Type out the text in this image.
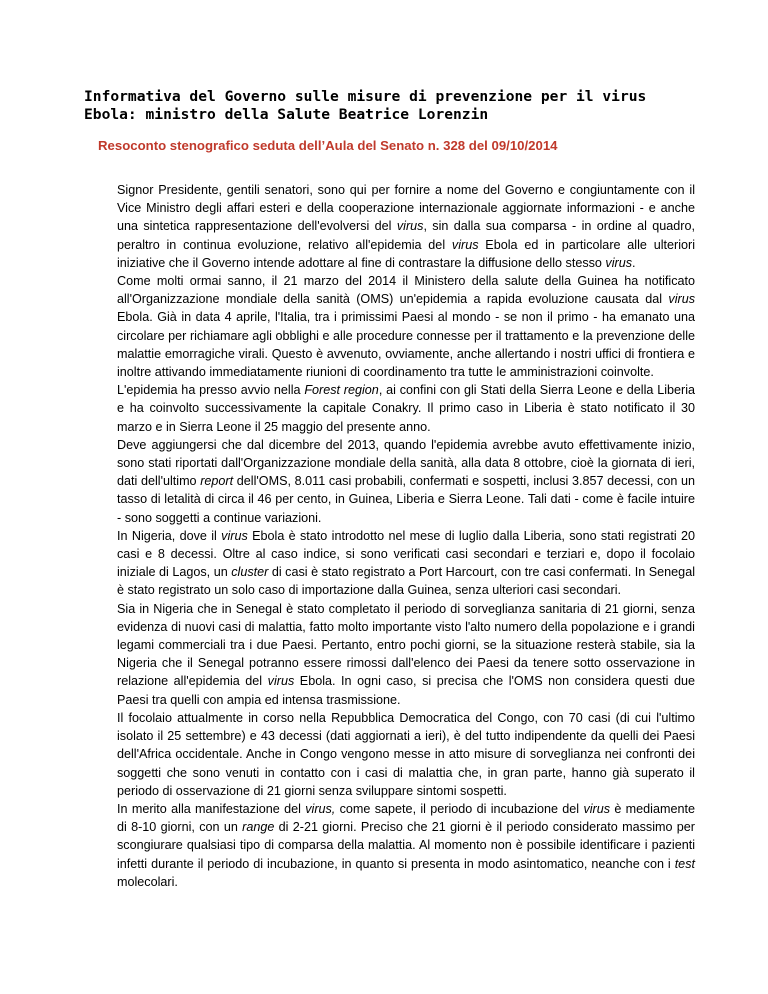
Informativa del Governo sulle misure di prevenzione per il virus Ebola: ministro della Salute Beatrice Lorenzin
Resoconto stenografico seduta dell’Aula del Senato n. 328 del 09/10/2014

Signor Presidente, gentili senatori, sono qui per fornire a nome del Governo e congiuntamente con il Vice Ministro degli affari esteri e della cooperazione internazionale aggiornate informazioni - e anche una sintetica rappresentazione dell'evolversi del virus, sin dalla sua comparsa - in ordine al quadro, peraltro in continua evoluzione, relativo all'epidemia del virus Ebola ed in particolare alle ulteriori iniziative che il Governo intende adottare al fine di contrastare la diffusione dello stesso virus.

Come molti ormai sanno, il 21 marzo del 2014 il Ministero della salute della Guinea ha notificato all'Organizzazione mondiale della sanità (OMS) un'epidemia a rapida evoluzione causata dal virus Ebola. Già in data 4 aprile, l'Italia, tra i primissimi Paesi al mondo - se non il primo - ha emanato una circolare per richiamare agli obblighi e alle procedure connesse per il trattamento e la prevenzione delle malattie emorragiche virali. Questo è avvenuto, ovviamente, anche allertando i nostri uffici di frontiera e inoltre attivando immediatamente riunioni di coordinamento tra tutte le amministrazioni coinvolte.

L'epidemia ha presso avvio nella Forest region, ai confini con gli Stati della Sierra Leone e della Liberia e ha coinvolto successivamente la capitale Conakry. Il primo caso in Liberia è stato notificato il 30 marzo e in Sierra Leone il 25 maggio del presente anno.

Deve aggiungersi che dal dicembre del 2013, quando l'epidemia avrebbe avuto effettivamente inizio, sono stati riportati dall'Organizzazione mondiale della sanità, alla data 8 ottobre, cioè la giornata di ieri, dati dell'ultimo report dell'OMS, 8.011 casi probabili, confermati e sospetti, inclusi 3.857 decessi, con un tasso di letalità di circa il 46 per cento, in Guinea, Liberia e Sierra Leone. Tali dati - come è facile intuire - sono soggetti a continue variazioni.

In Nigeria, dove il virus Ebola è stato introdotto nel mese di luglio dalla Liberia, sono stati registrati 20 casi e 8 decessi. Oltre al caso indice, si sono verificati casi secondari e terziari e, dopo il focolaio iniziale di Lagos, un cluster di casi è stato registrato a Port Harcourt, con tre casi confermati. In Senegal è stato registrato un solo caso di importazione dalla Guinea, senza ulteriori casi secondari.

Sia in Nigeria che in Senegal è stato completato il periodo di sorveglianza sanitaria di 21 giorni, senza evidenza di nuovi casi di malattia, fatto molto importante visto l'alto numero della popolazione e i grandi legami commerciali tra i due Paesi. Pertanto, entro pochi giorni, se la situazione resterà stabile, sia la Nigeria che il Senegal potranno essere rimossi dall'elenco dei Paesi da tenere sotto osservazione in relazione all'epidemia del virus Ebola. In ogni caso, si precisa che l'OMS non considera questi due Paesi tra quelli con ampia ed intensa trasmissione.

Il focolaio attualmente in corso nella Repubblica Democratica del Congo, con 70 casi (di cui l'ultimo isolato il 25 settembre) e 43 decessi (dati aggiornati a ieri), è del tutto indipendente da quelli dei Paesi dell'Africa occidentale. Anche in Congo vengono messe in atto misure di sorveglianza nei confronti dei soggetti che sono venuti in contatto con i casi di malattia che, in gran parte, hanno già superato il periodo di osservazione di 21 giorni senza sviluppare sintomi sospetti.

In merito alla manifestazione del virus, come sapete, il periodo di incubazione del virus è mediamente di 8-10 giorni, con un range di 2-21 giorni. Preciso che 21 giorni è il periodo considerato massimo per scongiurare qualsiasi tipo di comparsa della malattia. Al momento non è possibile identificare i pazienti infetti durante il periodo di incubazione, in quanto si presenta in modo asintomatico, neanche con i test molecolari.
